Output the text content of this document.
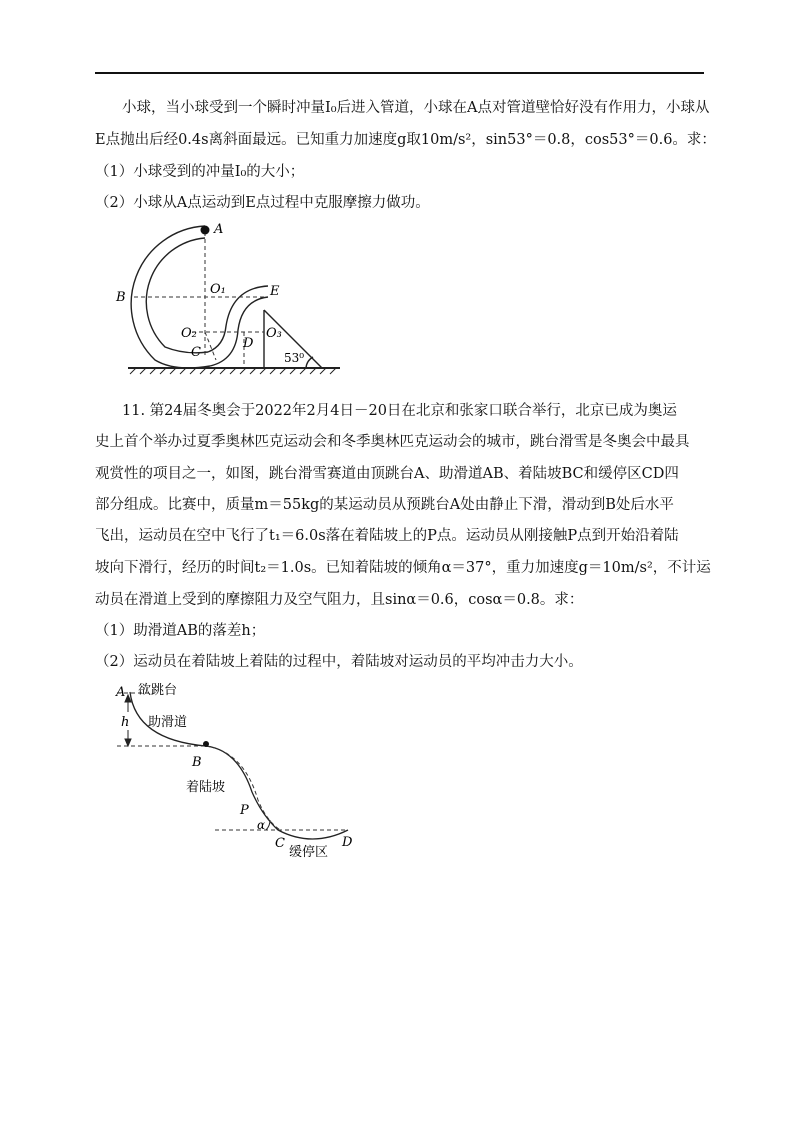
小球，当小球受到一个瞬时冲量I₀后进入管道，小球在A点对管道壁恰好没有作用力，小球从
E点抛出后经0.4s离斜面最远。已知重力加速度g取10m/s²，sin53°＝0.8，cos53°＝0.6。求：
（1）小球受到的冲量I₀的大小；
（2）小球从A点运动到E点过程中克服摩擦力做功。
A
B
O₁	E
O₂	O₃
C
D
53⁰
11. 第24届冬奥会于2022年2月4日－20日在北京和张家口联合举行，北京已成为奥运
史上首个举办过夏季奥林匹克运动会和冬季奥林匹克运动会的城市，跳台滑雪是冬奥会中最具
观赏性的项目之一，如图，跳台滑雪赛道由顶跳台A、助滑道AB、着陆坡BC和缓停区CD四
部分组成。比赛中，质量m＝55kg的某运动员从预跳台A处由静止下滑，滑动到B处后水平
飞出，运动员在空中飞行了t₁＝6.0s落在着陆坡上的P点。运动员从刚接触P点到开始沿着陆
坡向下滑行，经历的时间t₂＝1.0s。已知着陆坡的倾角α＝37°，重力加速度g＝10m/s²，不计运
动员在滑道上受到的摩擦阻力及空气阻力，且sinα＝0.6，cosα＝0.8。求：
（1）助滑道AB的落差h；
（2）运动员在着陆坡上着陆的过程中，着陆坡对运动员的平均冲击力大小。
A 欲跳台
h 助滑道
B
着陆坡
P
α
C	D
缓停区
